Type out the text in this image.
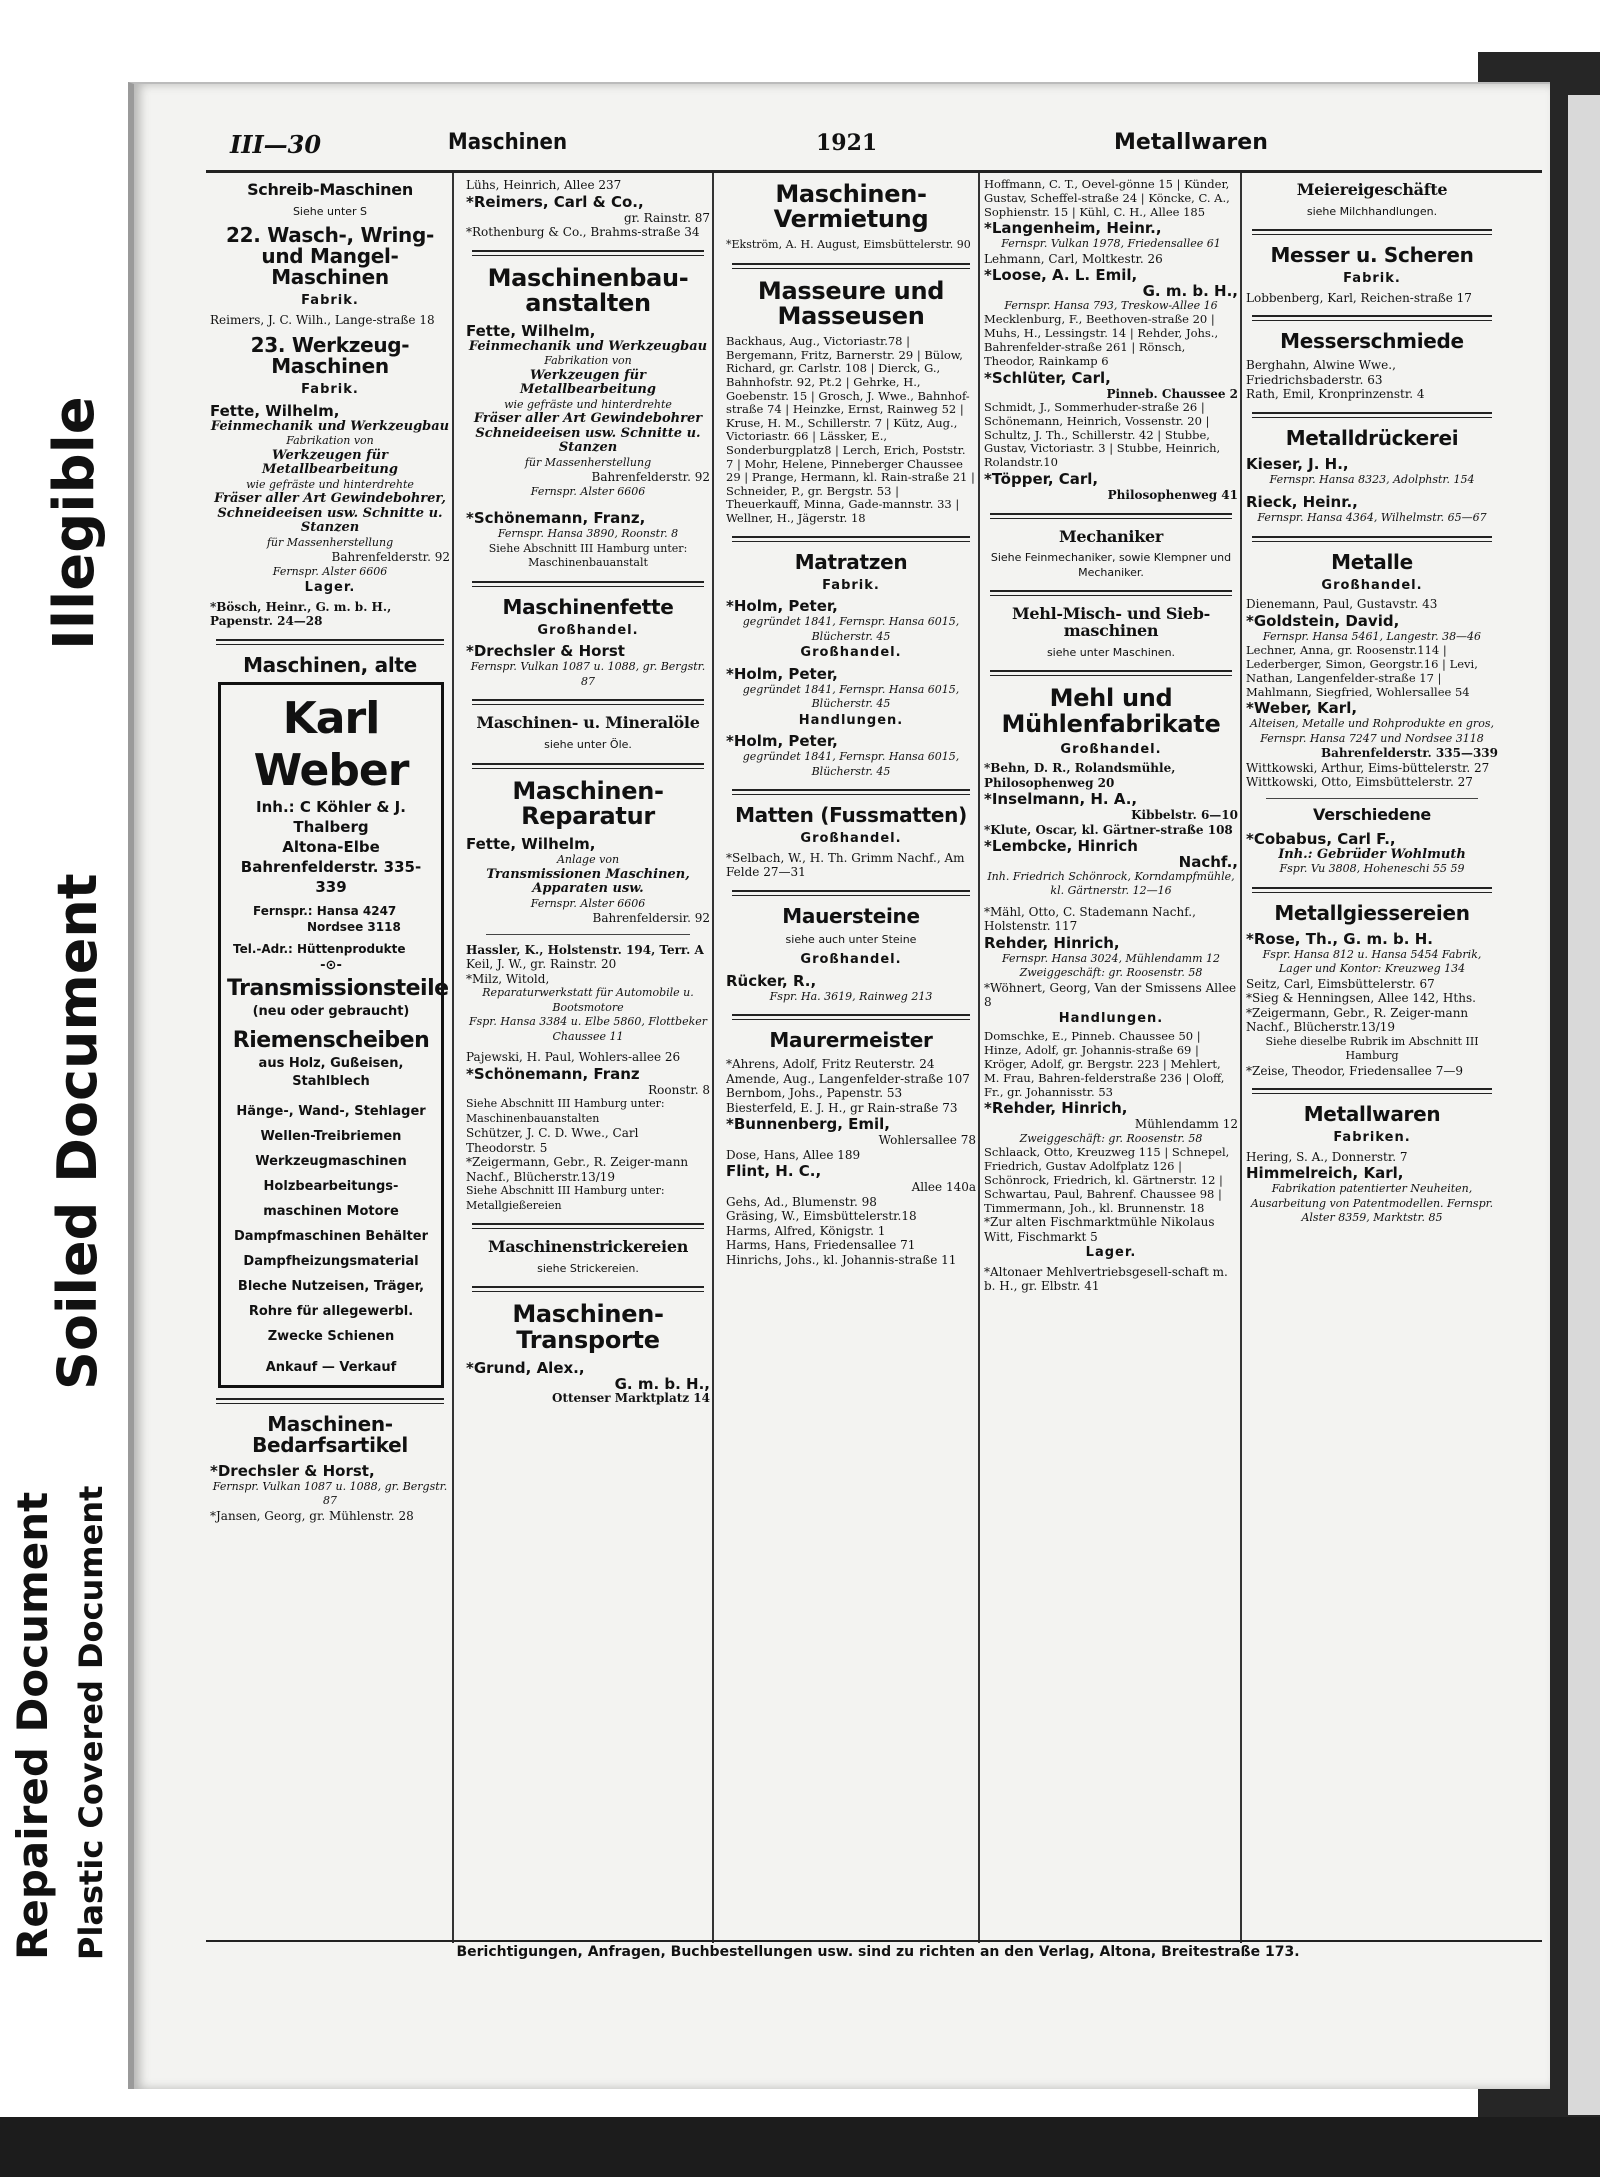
Illegible
Soiled Document
Repaired Document Plastic Covered Document
III—30	Maschinen	1921	Metallwaren
Schreib-Maschinen
Siehe unter S
22. Wasch-, Wring- und Mangel-Maschinen
Fabrik.

Reimers, J. C. Wilh., Lange-straße 18

23. Werkzeug-Maschinen
Fabrik.

Fette, Wilhelm,

Feinmechanik und Werkzeugbau
Fabrikation von
Werkzeugen für Metallbearbeitung
wie gefräste und hinterdrehte
Fräser aller Art Gewindebohrer, Schneideeisen usw. Schnitte u. Stanzen
für Massenherstellung
Bahrenfelderstr. 92
Fernspr. Alster 6606
Lager.

*Bösch, Heinr., G. m. b. H., Papenstr. 24—28

Maschinen, alte
Karl Weber
Inh.: C Köhler & J. Thalberg
Altona-Elbe
Bahrenfelderstr. 335-339
Fernspr.: Hansa 4247
Nordsee 3118
Tel.-Adr.: Hüttenprodukte
-⊙-
Transmissionsteile
(neu oder gebraucht)
Riemenscheiben
aus Holz, Gußeisen, Stahlblech
Hänge-, Wand-, Stehlager Wellen-Treibriemen Werkzeugmaschinen Holzbearbeitungs-maschinen Motore Dampfmaschinen Behälter Dampfheizungsmaterial Bleche Nutzeisen, Träger, Rohre für allegewerbl. Zwecke Schienen
Ankauf — Verkauf
Maschinen-Bedarfsartikel

*Drechsler & Horst,

Fernspr. Vulkan 1087 u. 1088, gr. Bergstr. 87

*Jansen, Georg, gr. Mühlenstr. 28

Lühs, Heinrich, Allee 237

*Reimers, Carl & Co.,

gr. Rainstr. 87

*Rothenburg & Co., Brahms-straße 34

Maschinenbau-anstalten

Fette, Wilhelm,

Feinmechanik und Werkzeugbau
Fabrikation von
Werkzeugen für Metallbearbeitung
wie gefräste und hinterdrehte
Fräser aller Art Gewindebohrer Schneideeisen usw. Schnitte u. Stanzen
für Massenherstellung
Bahrenfelderstr. 92
Fernspr. Alster 6606

*Schönemann, Franz,

Fernspr. Hansa 3890, Roonstr. 8

Siehe Abschnitt III Hamburg unter: Maschinenbauanstalt

Maschinenfette
Großhandel.

*Drechsler & Horst

Fernspr. Vulkan 1087 u. 1088, gr. Bergstr. 87
Maschinen- u. Mineralöle
siehe unter Öle.
Maschinen-Reparatur

Fette, Wilhelm,

Anlage von
Transmissionen Maschinen, Apparaten usw.
Fernspr. Alster 6606
Bahrenfeldersir. 92

Hassler, K., Holstenstr. 194, Terr. A

Keil, J. W., gr. Rainstr. 20

*Milz, Witold,

Reparaturwerkstatt für Automobile u. Bootsmotore
Fspr. Hansa 3384 u. Elbe 5860, Flottbeker Chaussee 11

Pajewski, H. Paul, Wohlers-allee 26

*Schönemann, Franz

Roonstr. 8

Siehe Abschnitt III Hamburg unter: Maschinenbauanstalten

Schützer, J. C. D. Wwe., Carl Theodorstr. 5

*Zeigermann, Gebr., R. Zeiger-mann Nachf., Blücherstr.13/19

Siehe Abschnitt III Hamburg unter: Metallgießereien

Maschinenstrickereien
siehe Strickereien.
Maschinen-Transporte

*Grund, Alex.,

G. m. b. H.,
Ottenser Marktplatz 14
Maschinen-Vermietung

*Ekström, A. H. August, Eimsbüttelerstr. 90

Masseure und Masseusen

Backhaus, Aug., Victoriastr.78 | Bergemann, Fritz, Barnerstr. 29 | Bülow, Richard, gr. Carlstr. 108 | Dierck, G., Bahnhofstr. 92, Pt.2 | Gehrke, H., Goebenstr. 15 | Grosch, J. Wwe., Bahnhof-straße 74 | Heinzke, Ernst, Rainweg 52 | Kruse, H. M., Schillerstr. 7 | Kütz, Aug., Victoriastr. 66 | Lässker, E., Sonderburgplatz8 | Lerch, Erich, Poststr. 7 | Mohr, Helene, Pinneberger Chaussee 29 | Prange, Hermann, kl. Rain-straße 21 | Schneider, P., gr. Bergstr. 53 | Theuerkauff, Minna, Gade-mannstr. 33 | Wellner, H., Jägerstr. 18

Matratzen
Fabrik.

*Holm, Peter,

gegründet 1841, Fernspr. Hansa 6015, Blücherstr. 45
Großhandel.

*Holm, Peter,

gegründet 1841, Fernspr. Hansa 6015, Blücherstr. 45
Handlungen.

*Holm, Peter,

gegründet 1841, Fernspr. Hansa 6015, Blücherstr. 45
Matten (Fussmatten)
Großhandel.

*Selbach, W., H. Th. Grimm Nachf., Am Felde 27—31

Mauersteine
siehe auch unter Steine
Großhandel.

Rücker, R.,

Fspr. Ha. 3619, Rainweg 213
Maurermeister

*Ahrens, Adolf, Fritz Reuterstr. 24

Amende, Aug., Langenfelder-straße 107

Bernbom, Johs., Papenstr. 53

Biesterfeld, E. J. H., gr Rain-straße 73

*Bunnenberg, Emil,

Wohlersallee 78

Dose, Hans, Allee 189

Flint, H. C.,

Allee 140a

Gehs, Ad., Blumenstr. 98

Gräsing, W., Eimsbüttelerstr.18

Harms, Alfred, Königstr. 1

Harms, Hans, Friedensallee 71

Hinrichs, Johs., kl. Johannis-straße 11

Hoffmann, C. T., Oevel-gönne 15 | Künder, Gustav, Scheffel-straße 24 | Köncke, C. A., Sophienstr. 15 | Kühl, C. H., Allee 185

*Langenheim, Heinr.,

Fernspr. Vulkan 1978, Friedensallee 61

Lehmann, Carl, Moltkestr. 26

*Loose, A. L. Emil,

G. m. b. H.,
Fernspr. Hansa 793, Treskow-Allee 16

Mecklenburg, F., Beethoven-straße 20 | Muhs, H., Lessingstr. 14 | Rehder, Johs., Bahrenfelder-straße 261 | Rönsch, Theodor, Rainkamp 6

*Schlüter, Carl,

Pinneb. Chaussee 2

Schmidt, J., Sommerhuder-straße 26 | Schönemann, Heinrich, Vossenstr. 20 | Schultz, J. Th., Schillerstr. 42 | Stubbe, Gustav, Victoriastr. 3 | Stubbe, Heinrich, Rolandstr.10

*Töpper, Carl,

Philosophenweg 41
Mechaniker
Siehe Feinmechaniker, sowie Klempner und Mechaniker.
Mehl-Misch- und Sieb-maschinen
siehe unter Maschinen.
Mehl und Mühlenfabrikate
Großhandel.

*Behn, D. R., Rolandsmühle, Philosophenweg 20

*Inselmann, H. A.,

Kibbelstr. 6—10

*Klute, Oscar, kl. Gärtner-straße 108

*Lembcke, Hinrich

Nachf.,
Inh. Friedrich Schönrock, Korndampfmühle, kl. Gärtnerstr. 12—16

*Mähl, Otto, C. Stademann Nachf., Holstenstr. 117

Rehder, Hinrich,

Fernspr. Hansa 3024, Mühlendamm 12
Zweiggeschäft: gr. Roosenstr. 58

*Wöhnert, Georg, Van der Smissens Allee 8

Handlungen.

Domschke, E., Pinneb. Chaussee 50 | Hinze, Adolf, gr. Johannis-straße 69 | Kröger, Adolf, gr. Bergstr. 223 | Mehlert, M. Frau, Bahren-felderstraße 236 | Oloff, Fr., gr. Johannisstr. 53

*Rehder, Hinrich,

Mühlendamm 12
Zweiggeschäft: gr. Roosenstr. 58

Schlaack, Otto, Kreuzweg 115 | Schnepel, Friedrich, Gustav Adolfplatz 126 | Schönrock, Friedrich, kl. Gärtnerstr. 12 | Schwartau, Paul, Bahrenf. Chaussee 98 | Timmermann, Joh., kl. Brunnenstr. 18

*Zur alten Fischmarktmühle Nikolaus Witt, Fischmarkt 5

Lager.

*Altonaer Mehlvertriebsgesell-schaft m. b. H., gr. Elbstr. 41

Meiereigeschäfte
siehe Milchhandlungen.
Messer u. Scheren
Fabrik.

Lobbenberg, Karl, Reichen-straße 17

Messerschmiede

Berghahn, Alwine Wwe., Friedrichsbaderstr. 63

Rath, Emil, Kronprinzenstr. 4

Metalldrückerei

Kieser, J. H.,

Fernspr. Hansa 8323, Adolphstr. 154

Rieck, Heinr.,

Fernspr. Hansa 4364, Wilhelmstr. 65—67
Metalle
Großhandel.

Dienemann, Paul, Gustavstr. 43

*Goldstein, David,

Fernspr. Hansa 5461, Langestr. 38—46

Lechner, Anna, gr. Roosenstr.114 | Lederberger, Simon, Georgstr.16 | Levi, Nathan, Langenfelder-straße 17 | Mahlmann, Siegfried, Wohlersallee 54

*Weber, Karl,

Alteisen, Metalle und Rohprodukte en gros, Fernspr. Hansa 7247 und Nordsee 3118
Bahrenfelderstr. 335—339

Wittkowski, Arthur, Eims-büttelerstr. 27

Wittkowski, Otto, Eimsbüttelerstr. 27

Verschiedene

*Cobabus, Carl F.,

Inh.: Gebrüder Wohlmuth
Fspr. Vu 3808, Hoheneschi 55 59
Metallgiessereien

*Rose, Th., G. m. b. H.

Fspr. Hansa 812 u. Hansa 5454 Fabrik, Lager und Kontor: Kreuzweg 134

Seitz, Carl, Eimsbüttelerstr. 67

*Sieg & Henningsen, Allee 142, Hths.

*Zeigermann, Gebr., R. Zeiger-mann Nachf., Blücherstr.13/19

Siehe dieselbe Rubrik im Abschnitt III Hamburg

*Zeise, Theodor, Friedensallee 7—9

Metallwaren
Fabriken.

Hering, S. A., Donnerstr. 7

Himmelreich, Karl,

Fabrikation patentierter Neuheiten, Ausarbeitung von Patentmodellen. Fernspr. Alster 8359, Marktstr. 85
Berichtigungen, Anfragen, Buchbestellungen usw. sind zu richten an den Verlag, Altona, Breitestraße 173.
